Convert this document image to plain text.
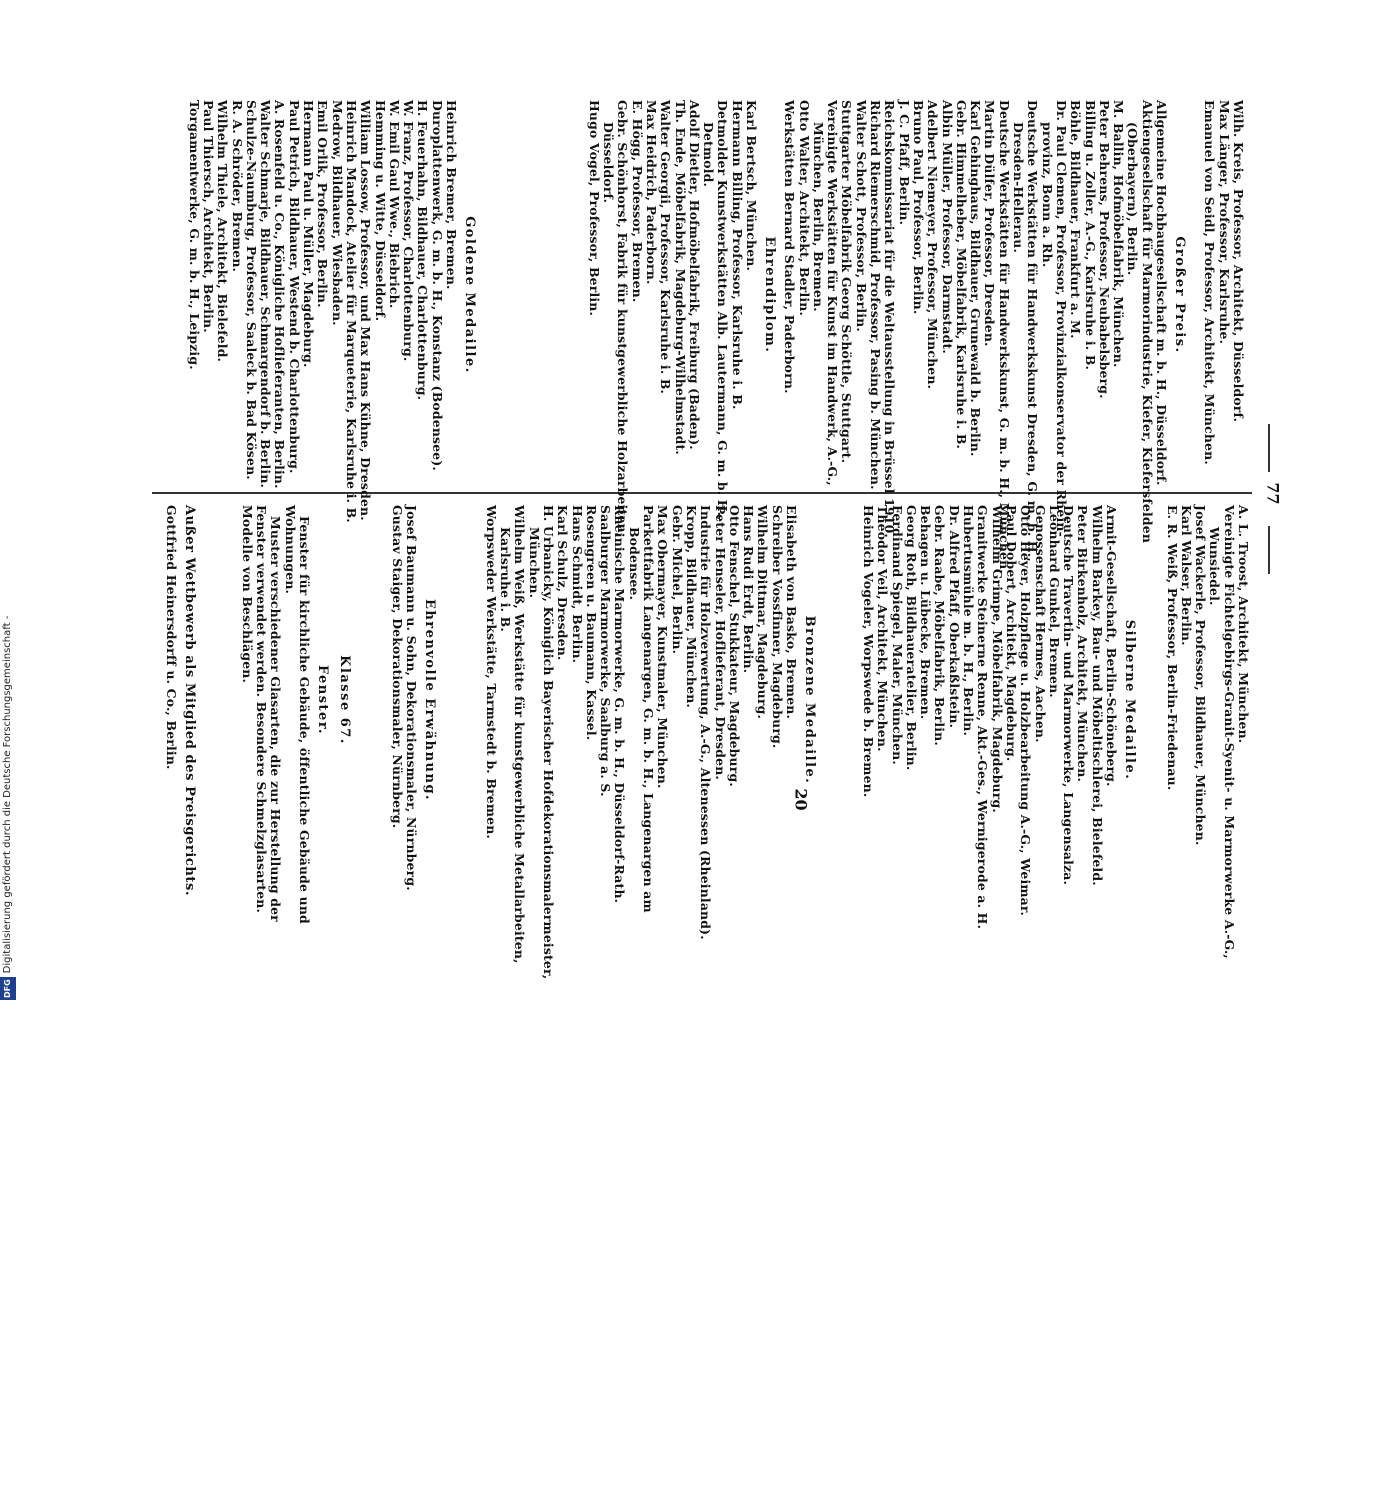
DFGDigitalisierung gefördert durch die Deutsche Forschungsgemeinschaft -
77
20
Wilh. Kreis, Professor, Architekt, Düsseldorf.
Max Länger, Professor, Karlsruhe.
Emanuel von Seidl, Professor, Architekt, München.
Großer Preis.
Allgemeine Hochbaugesellschaft m. b. H., Düsseldorf.
Aktiengesellschaft für Marmorindustrie, Kiefer, Kiefersfelden
(Oberbayern), Berlin.
M. Ballin, Hofmöbelfabrik, München.
Peter Behrens, Professor, Neubabelsberg.
Billing u. Zoller, A.-G., Karlsruhe i. B.
Böhle, Bildhauer, Frankfurt a. M.
Dr. Paul Clemen, Professor, Provinzialkonservator der Rhein-
provinz, Bonn a. Rh.
Deutsche Werkstätten für Handwerkskunst Dresden, G. m. b. H.,
Dresden-Hellerau.
Deutsche Werkstätten für Handwerkskunst, G. m. b. H., München.
Martin Dülfer, Professor, Dresden.
Karl Gehinghaus, Bildhauer, Grunewald b. Berlin.
Gebr. Himmelheber, Möbelfabrik, Karlsruhe i. B.
Albin Müller, Professor, Darmstadt.
Adelbert Niemeyer, Professor, München.
Bruno Paul, Professor, Berlin.
J. C. Pfaff, Berlin.
Reichskommissariat für die Weltausstellung in Brüssel 1910.
Richard Riemerschmid, Professor, Pasing b. München.
Walter Schott, Professor, Berlin.
Stuttgarter Möbelfabrik Georg Schöttle, Stuttgart.
Vereinigte Werkstätten für Kunst im Handwerk, A.-G.,
München, Berlin, Bremen.
Otto Walter, Architekt, Berlin.
Werkstätten Bernard Stadler, Paderborn.
Ehrendiplom.
Karl Bertsch, München.
Hermann Billing, Professor, Karlsruhe i. B.
Detmolder Kunstwerkstätten Alb. Lautermann, G. m. b. H.,
Detmold.
Adolf Dietler, Hofmöbelfabrik, Freiburg (Baden).
Th. Ende, Möbelfabrik, Magdeburg-Wilhelmstadt.
Walter Georgii, Professor, Karlsruhe i. B.
Max Heidrich, Paderborn.
E. Högg, Professor, Bremen.
Gebr. Schönhorst, Fabrik für kunstgewerbliche Holzarbeiten,
Düsseldorf.
Hugo Vogel, Professor, Berlin.
Goldene Medaille.
Heinrich Bremer, Bremen.
Duroplattenwerk, G. m. b. H., Konstanz (Bodensee).
H. Feuerhahn, Bildhauer, Charlottenburg.
W. Franz, Professor, Charlottenburg.
W. Emil Gaul Wwe., Biebrich.
Hemming u. Witte, Düsseldorf.
William Lossow, Professor, und Max Hans Kühne, Dresden.
Heinrich Mandock, Atelier für Marqueterie, Karlsruhe i. B.
Medrow, Bildhauer, Wiesbaden.
Emil Orlik, Professor, Berlin.
Hermann Paul u. Müller, Magdeburg.
Paul Petrich, Bildhauer, Westend b. Charlottenburg.
A. Rosenfeld u. Co., Königliche Hoflieferanten, Berlin.
Walter Schmarje, Bildhauer, Schmargendorf b. Berlin.
Schulze-Naumburg, Professor, Saaleck b. Bad Kösen.
R. A. Schröder, Bremen.
Wilhelm Thiele, Architekt, Bielefeld.
Paul Thiersch, Architekt, Berlin.
Torgamentwerke, G. m. b. H., Leipzig.
A. L. Troost, Architekt, München.
Vereinigte Fichtelgebirgs-Granit-Syenit- u. Marmorwerke A.-G.,
Wunsiedel.
Josef Wackerle, Professor, Bildhauer, München.
Karl Walser, Berlin.
E. R. Weiß, Professor, Berlin-Friedenau.
Silberne Medaille.
Armit-Gesellschaft, Berlin-Schöneberg.
Wilhelm Barkey, Bau- und Möbeltischlerei, Bielefeld.
Peter Birkenholz, Architekt, München.
Deutsche Travertin- und Marmorwerke, Langensalza.
Leonhard Gunkel, Bremen.
Genossenschaft Hermes, Aachen.
Otto Heyer, Holzpflege u. Holzbearbeitung A.-G., Weimar.
Paul Dobert, Architekt, Magdeburg.
Wilhelm Grimpe, Möbelfabrik, Magdeburg.
Granitwerke Steinerne Renne, Akt.-Ges., Wernigerode a. H.
Hubertusmühle m. b. H., Berlin.
Dr. Alfred Pfaff, Oberkaßlstein.
Gebr. Raabe, Möbelfabrik, Berlin.
Behagen u. Lübecke, Bremen.
Georg Roth, Bildhaueratelier, Berlin.
Ferdinand Spiegel, Maler, München.
Theodor Veil, Architekt, München.
Heinrich Vogeler, Worpswede b. Bremen.
Bronzene Medaille.
Elisabeth von Basko, Bremen.
Schreiber Vossfinner, Magdeburg.
Wilhelm Dittmar, Magdeburg.
Hans Rudi Erdt, Berlin.
Otto Fenschel, Stukkateur, Magdeburg.
Peter Henseler, Hoflieferant, Dresden.
Industrie für Holzverwertung, A.-G., Altenessen (Rheinland).
Kropp, Bildhauer, München.
Gebr. Michel, Berlin.
Max Obermayer, Kunstmaler, München.
Parkettfabrik Langenargen, G. m. b. H., Langenargen am
Bodensee.
Rheinische Marmorwerke, G. m. b. H., Düsseldorf-Rath.
Saalburger Marmorwerke, Saalburg a. S.
Rosengreen u. Baumann, Kassel.
Hans Schmidt, Berlin.
Karl Schulz, Dresden.
H. Urbanicky, Königlich Bayerischer Hofdekorationsmalermeister,
München.
Wilhelm Weiß, Werkstätte für kunstgewerbliche Metallarbeiten,
Karlsruhe i. B.
Worpsweder Werkstätte, Tarmstedt b. Bremen.
Ehrenvolle Erwähnung.
Josef Baumann u. Sohn, Dekorationsmaler, Nürnberg.
Gustav Staiger, Dekorationsmaler, Nürnberg.
Klasse 67.
Fenster.
Fenster für kirchliche Gebäude, öffentliche Gebäude und
Wohnungen.
Muster verschiedener Glasarten, die zur Herstellung der
Fenster verwendet werden. Besondere Schmelzglasarten.
Modelle von Beschlägen.
Außer Wettbewerb als Mitglied des Preisgerichts.
Gottfried Heinersdorff u. Co., Berlin.
